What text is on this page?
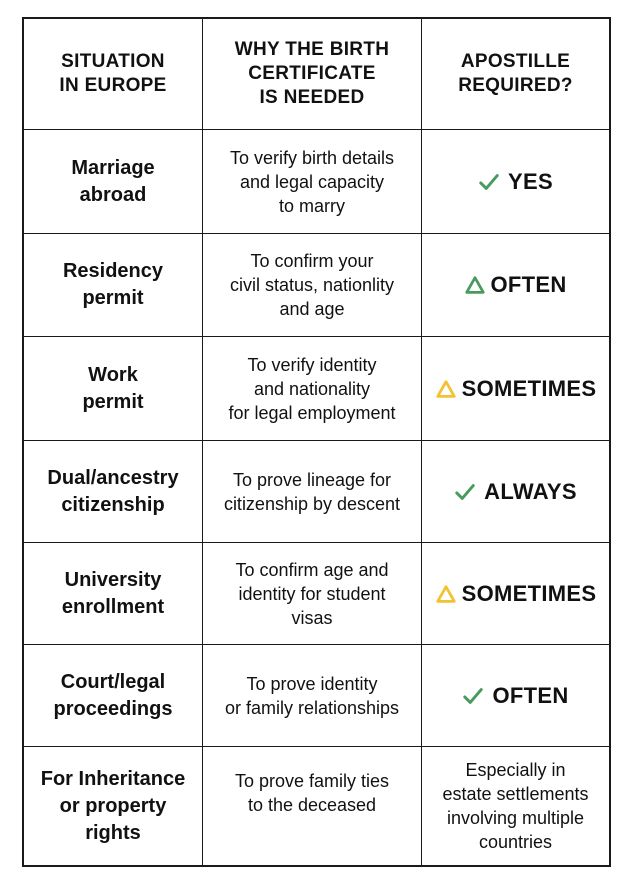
SITUATION
IN EUROPE
WHY THE BIRTH
CERTIFICATE
IS NEEDED
APOSTILLE
REQUIRED?
Marriage
abroad
To verify birth details
and legal capacity
to marry
YES
Residency
permit
To confirm your
civil status, nationlity
and age
OFTEN
Work
permit
To verify identity
and nationality
for legal employment
SOMETIMES
Dual/ancestry
citizenship
To prove lineage for
citizenship by descent	ALWAYS
University
enrollment
To confirm age and
identity for student
visas
SOMETIMES
Court/legal
proceedings
To prove identity
or family relationships	OFTEN
For Inheritance
or property
rights
To prove family ties
to the deceased
Especially in
estate settlements
involving multiple
countries
